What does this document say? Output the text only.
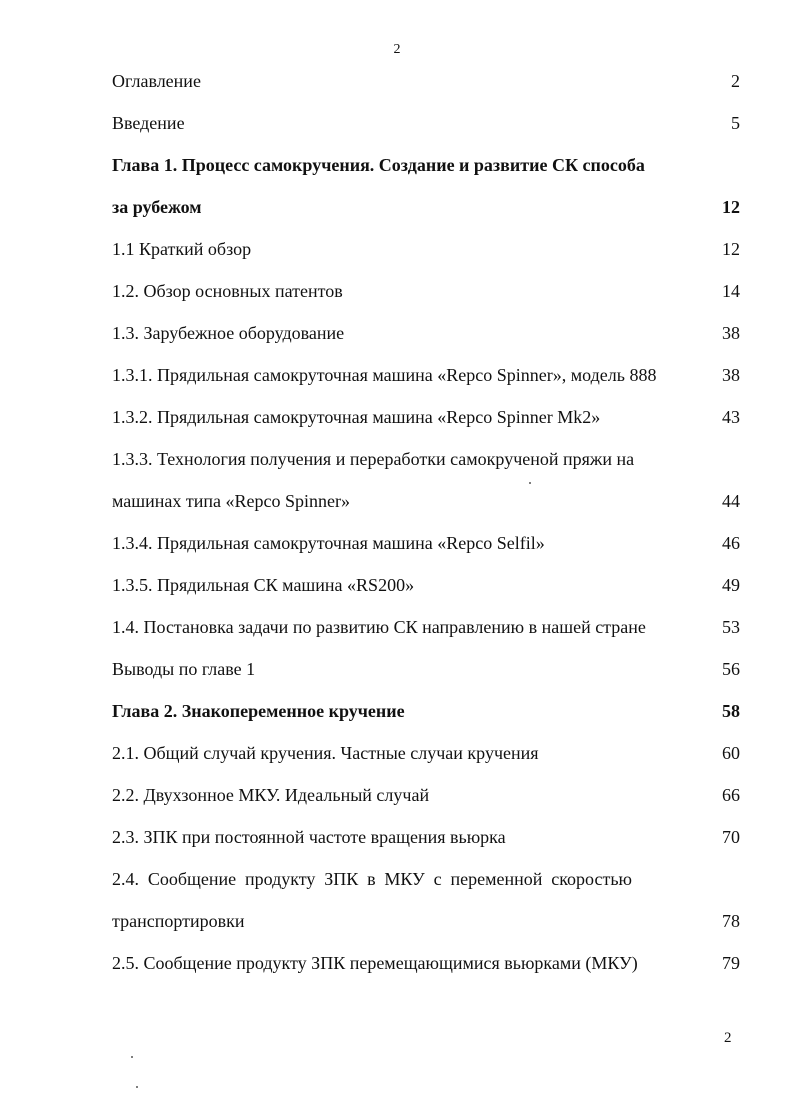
2
Оглавление	2
Введение	5
Глава 1. Процесс самокручения. Создание и развитие СК способа
за рубежом	12
1.1 Краткий обзор	12
1.2. Обзор основных патентов	14
1.3. Зарубежное оборудование	38
1.3.1. Прядильная самокруточная машина «Repco Spinner», модель 888	38
1.3.2. Прядильная самокруточная машина «Repco Spinner Mk2»	43
1.3.3. Технология получения и переработки самокрученой пряжи на
машинах типа «Repco Spinner»	44
1.3.4. Прядильная самокруточная машина «Repco Selfil»	46
1.3.5. Прядильная СК машина «RS200»	49
1.4. Постановка задачи по развитию СК направлению в нашей стране	53
Выводы по главе 1	56
Глава 2. Знакопеременное кручение	58
2.1. Общий случай кручения. Частные случаи кручения	60
2.2. Двухзонное МКУ. Идеальный случай	66
2.3. ЗПК при постоянной частоте вращения вьюрка	70
2.4. Сообщение продукту ЗПК в МКУ с переменной скоростью
транспортировки	78
2.5. Сообщение продукту ЗПК перемещающимися вьюрками (МКУ)	79
2
